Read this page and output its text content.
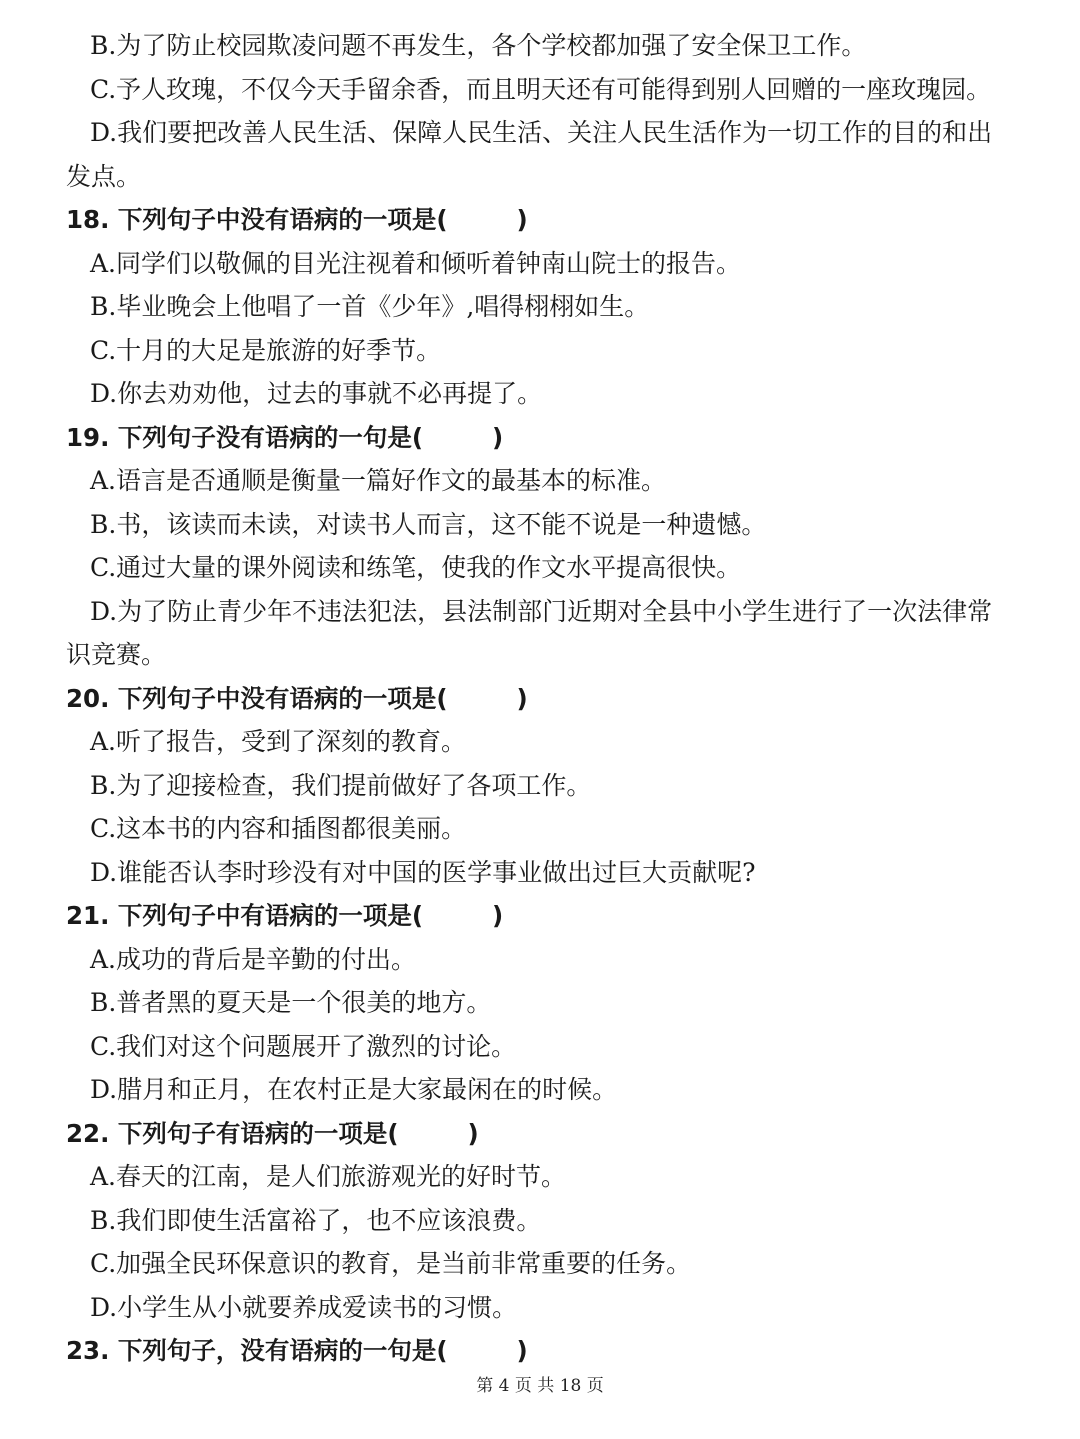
B.为了防止校园欺凌问题不再发生，各个学校都加强了安全保卫工作。
C.予人玫瑰，不仅今天手留余香，而且明天还有可能得到别人回赠的一座玫瑰园。
D.我们要把改善人民生活、保障人民生活、关注人民生活作为一切工作的目的和出
发点。
18. 下列句子中没有语病的一项是(	)
A.同学们以敬佩的目光注视着和倾听着钟南山院士的报告。
B.毕业晚会上他唱了一首《少年》,唱得栩栩如生。
C.十月的大足是旅游的好季节。
D.你去劝劝他，过去的事就不必再提了。
19. 下列句子没有语病的一句是(	)
A.语言是否通顺是衡量一篇好作文的最基本的标准。
B.书，该读而未读，对读书人而言，这不能不说是一种遗憾。
C.通过大量的课外阅读和练笔，使我的作文水平提高很快。
D.为了防止青少年不违法犯法，县法制部门近期对全县中小学生进行了一次法律常
识竞赛。
20. 下列句子中没有语病的一项是(	)
A.听了报告，受到了深刻的教育。
B.为了迎接检查，我们提前做好了各项工作。
C.这本书的内容和插图都很美丽。
D.谁能否认李时珍没有对中国的医学事业做出过巨大贡献呢?
21. 下列句子中有语病的一项是(	)
A.成功的背后是辛勤的付出。
B.普者黑的夏天是一个很美的地方。
C.我们对这个问题展开了激烈的讨论。
D.腊月和正月，在农村正是大家最闲在的时候。
22. 下列句子有语病的一项是(	)
A.春天的江南，是人们旅游观光的好时节。
B.我们即使生活富裕了，也不应该浪费。
C.加强全民环保意识的教育，是当前非常重要的任务。
D.小学生从小就要养成爱读书的习惯。
23. 下列句子，没有语病的一句是(	)
第 4 页 共 18 页
